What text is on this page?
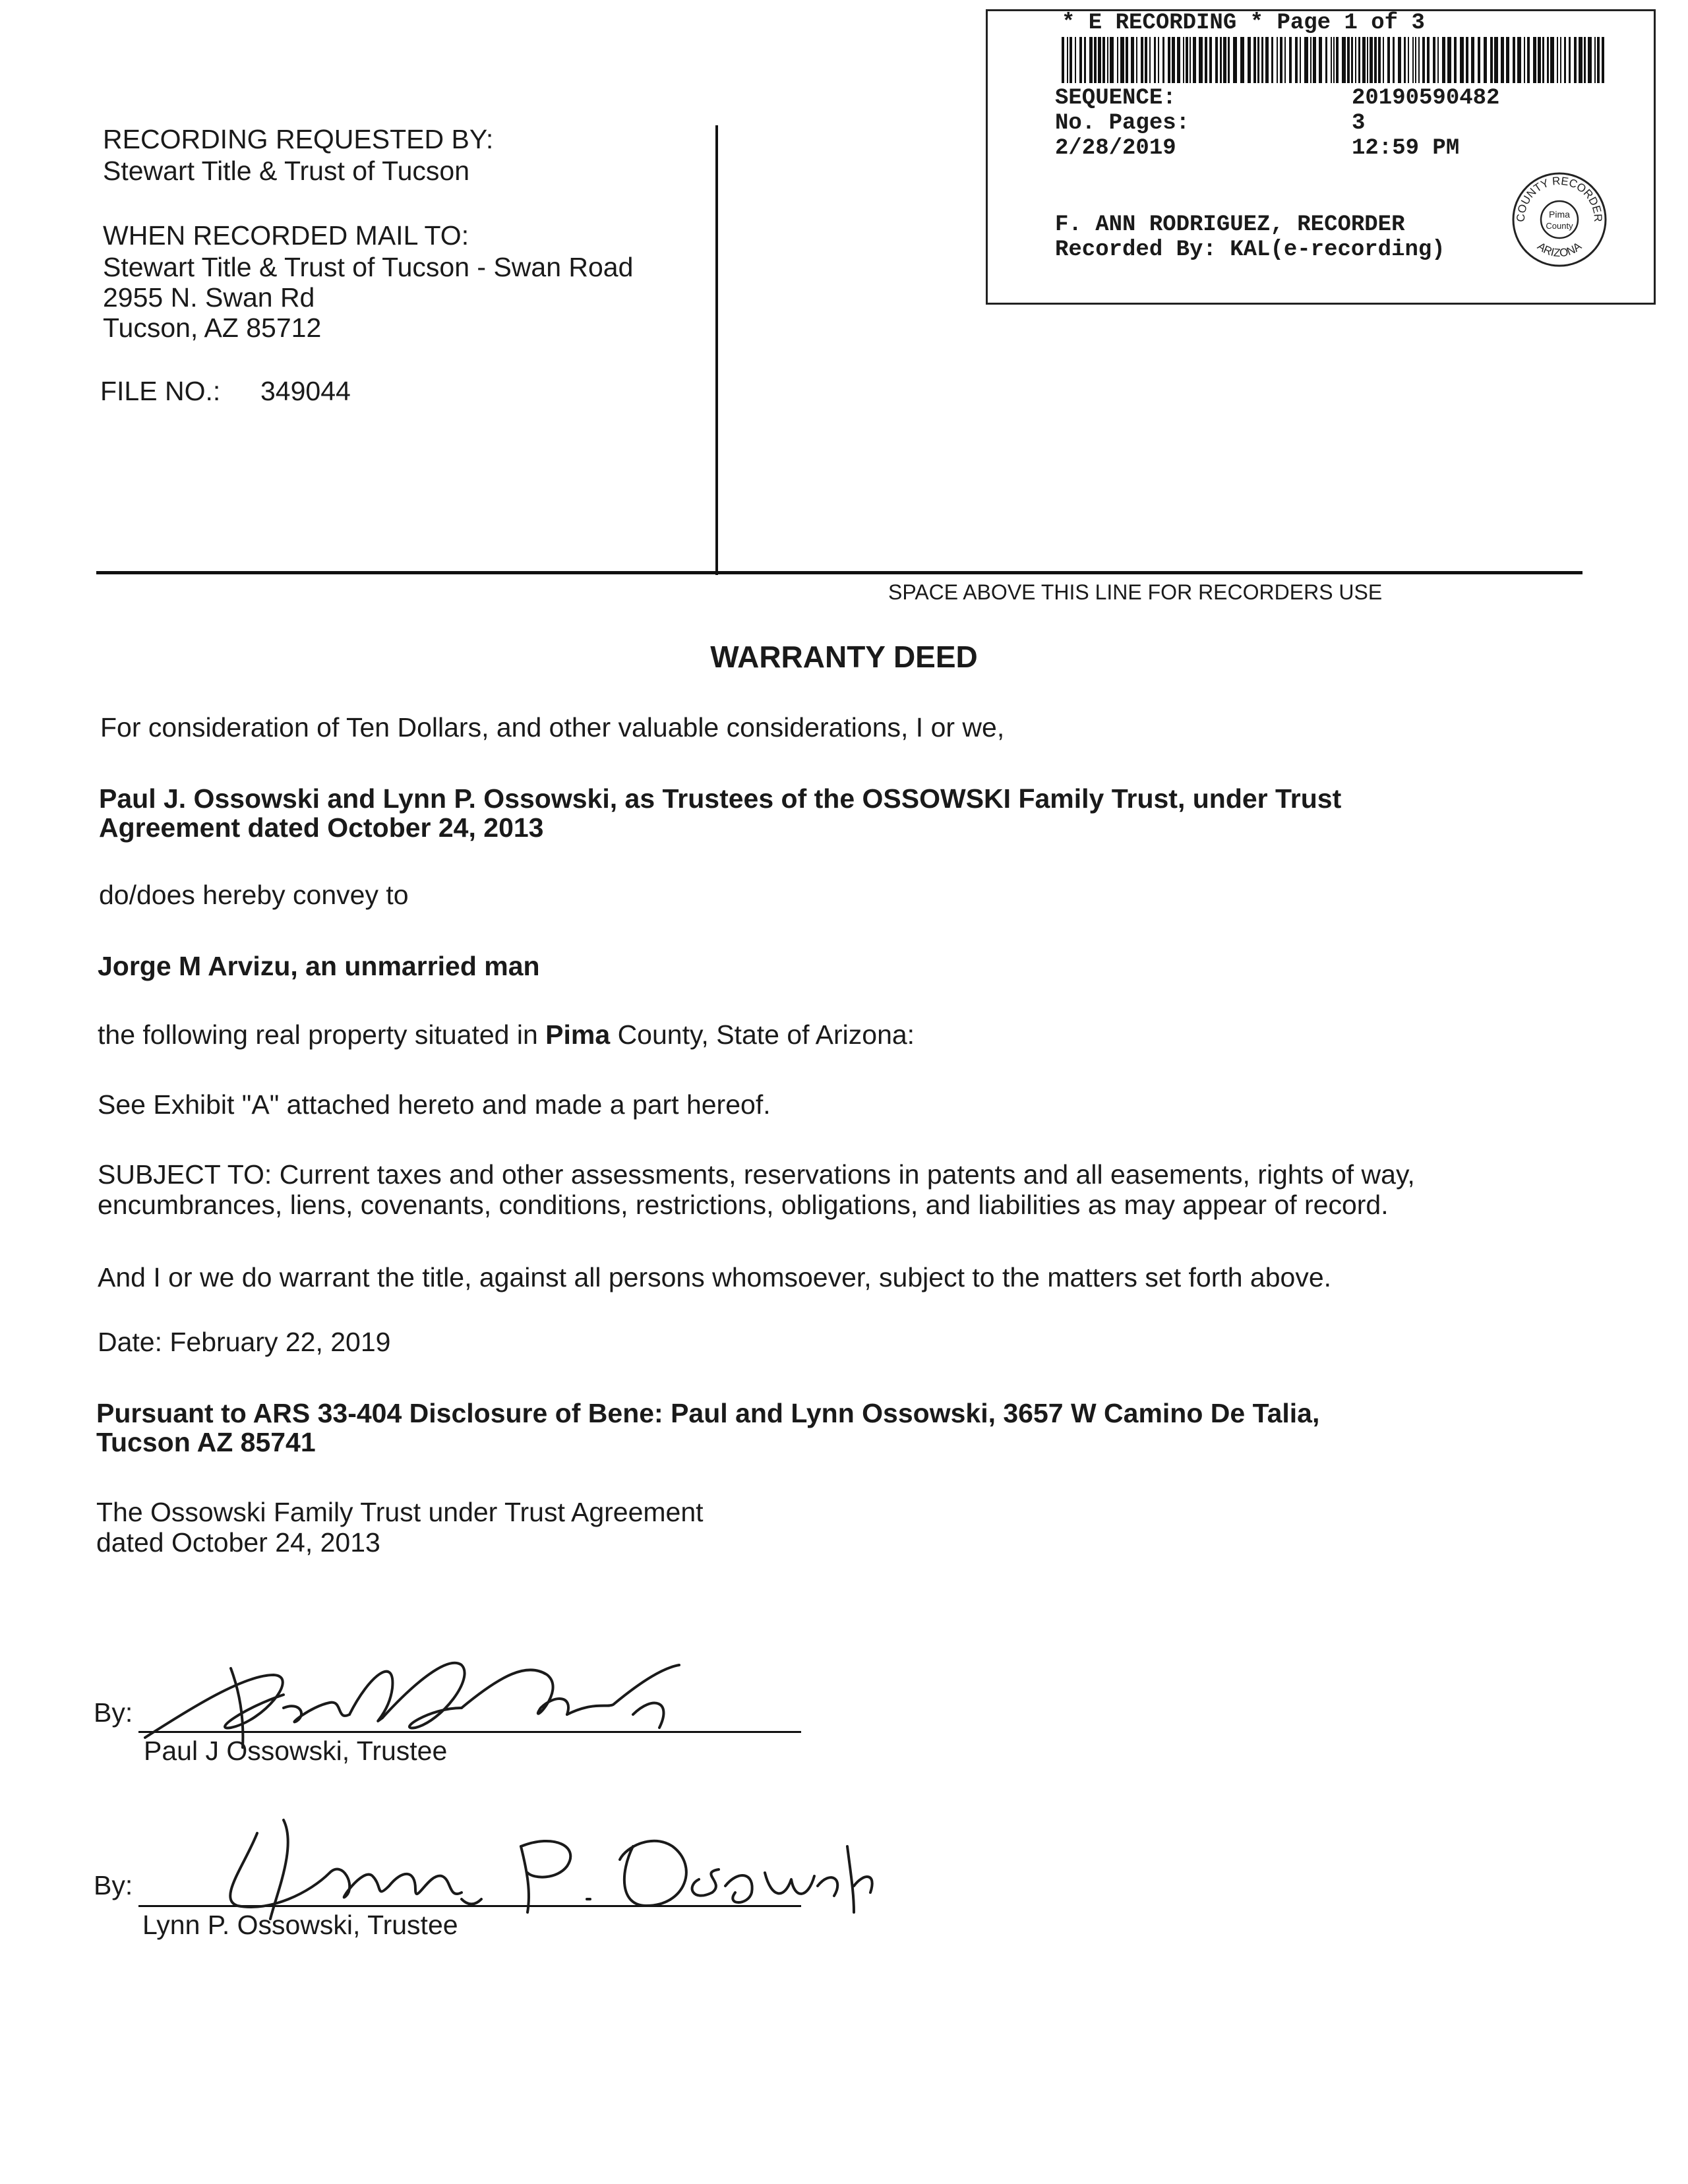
* E RECORDING * Page 1 of 3
SEQUENCE:	20190590482
No. Pages:	3
2/28/2019	12:59 PM
F. ANN RODRIGUEZ, RECORDER
Recorded By: KAL(e-recording)
COUNTY RECORDER
ARIZONA
Pima
County
RECORDING REQUESTED BY:
Stewart Title & Trust of Tucson
WHEN RECORDED MAIL TO:
Stewart Title & Trust of Tucson - Swan Road
2955 N. Swan Rd
Tucson, AZ 85712
FILE NO.: 349044
SPACE ABOVE THIS LINE FOR RECORDERS USE
WARRANTY DEED
For consideration of Ten Dollars, and other valuable considerations, I or we,
Paul J. Ossowski and Lynn P. Ossowski, as Trustees of the OSSOWSKI Family Trust, under Trust
Agreement dated October 24, 2013
do/does hereby convey to
Jorge M Arvizu, an unmarried man
the following real property situated in Pima County, State of Arizona:
See Exhibit "A" attached hereto and made a part hereof.
SUBJECT TO: Current taxes and other assessments, reservations in patents and all easements, rights of way,
encumbrances, liens, covenants, conditions, restrictions, obligations, and liabilities as may appear of record.
And I or we do warrant the title, against all persons whomsoever, subject to the matters set forth above.
Date: February 22, 2019
Pursuant to ARS 33-404 Disclosure of Bene: Paul and Lynn Ossowski, 3657 W Camino De Talia,
Tucson AZ 85741
The Ossowski Family Trust under Trust Agreement
dated October 24, 2013
By:
Paul J Ossowski, Trustee
By:
Lynn P. Ossowski, Trustee
